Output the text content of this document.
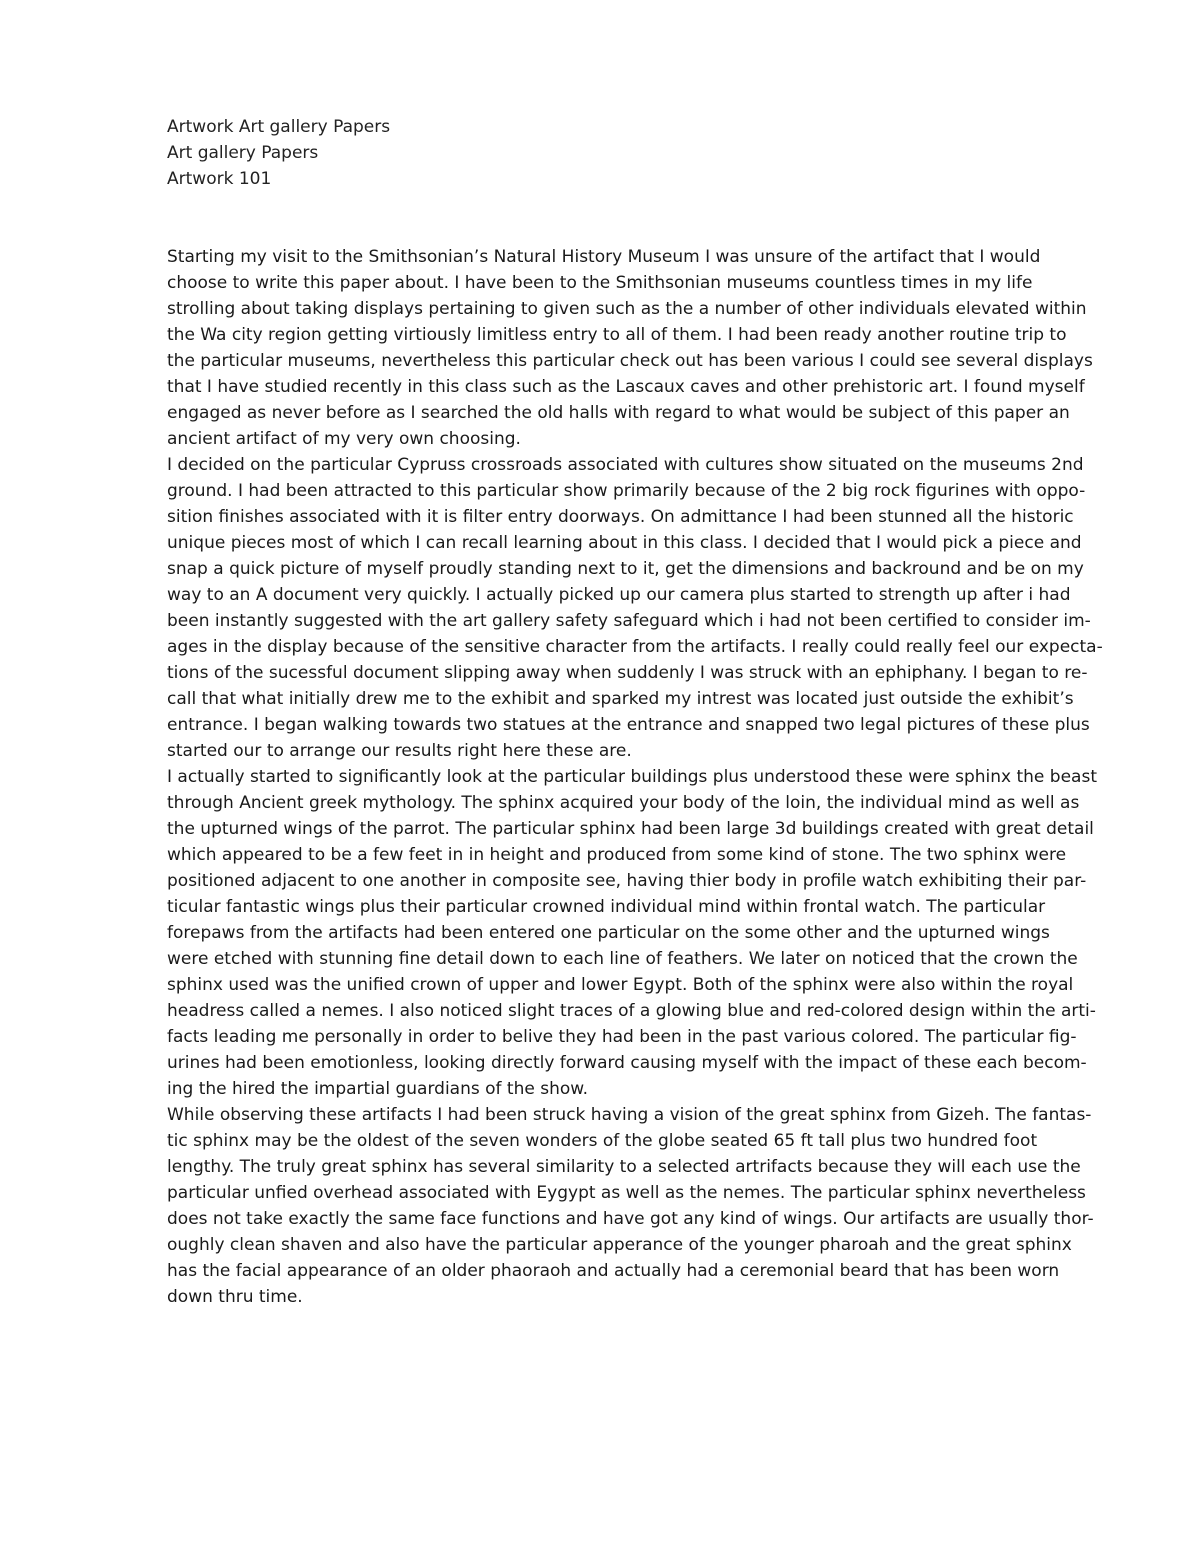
Artwork Art gallery Papers
Art gallery Papers
Artwork 101
Starting my visit to the Smithsonian’s Natural History Museum I was unsure of the artifact that I would
choose to write this paper about. I have been to the Smithsonian museums countless times in my life
strolling about taking displays pertaining to given such as the a number of other individuals elevated within
the Wa city region getting virtiously limitless entry to all of them. I had been ready another routine trip to
the particular museums, nevertheless this particular check out has been various I could see several displays
that I have studied recently in this class such as the Lascaux caves and other prehistoric art. I found myself
engaged as never before as I searched the old halls with regard to what would be subject of this paper an
ancient artifact of my very own choosing.
I decided on the particular Cypruss crossroads associated with cultures show situated on the museums 2nd
ground. I had been attracted to this particular show primarily because of the 2 big rock figurines with oppo-
sition finishes associated with it is filter entry doorways. On admittance I had been stunned all the historic
unique pieces most of which I can recall learning about in this class. I decided that I would pick a piece and
snap a quick picture of myself proudly standing next to it, get the dimensions and backround and be on my
way to an A document very quickly. I actually picked up our camera plus started to strength up after i had
been instantly suggested with the art gallery safety safeguard which i had not been certified to consider im-
ages in the display because of the sensitive character from the artifacts. I really could really feel our expecta-
tions of the sucessful document slipping away when suddenly I was struck with an ephiphany. I began to re-
call that what initially drew me to the exhibit and sparked my intrest was located just outside the exhibit’s
entrance. I began walking towards two statues at the entrance and snapped two legal pictures of these plus
started our to arrange our results right here these are.
I actually started to significantly look at the particular buildings plus understood these were sphinx the beast
through Ancient greek mythology. The sphinx acquired your body of the loin, the individual mind as well as
the upturned wings of the parrot. The particular sphinx had been large 3d buildings created with great detail
which appeared to be a few feet in in height and produced from some kind of stone. The two sphinx were
positioned adjacent to one another in composite see, having thier body in profile watch exhibiting their par-
ticular fantastic wings plus their particular crowned individual mind within frontal watch. The particular
forepaws from the artifacts had been entered one particular on the some other and the upturned wings
were etched with stunning fine detail down to each line of feathers. We later on noticed that the crown the
sphinx used was the unified crown of upper and lower Egypt. Both of the sphinx were also within the royal
headress called a nemes. I also noticed slight traces of a glowing blue and red-colored design within the arti-
facts leading me personally in order to belive they had been in the past various colored. The particular fig-
urines had been emotionless, looking directly forward causing myself with the impact of these each becom-
ing the hired the impartial guardians of the show.
While observing these artifacts I had been struck having a vision of the great sphinx from Gizeh. The fantas-
tic sphinx may be the oldest of the seven wonders of the globe seated 65 ft tall plus two hundred foot
lengthy. The truly great sphinx has several similarity to a selected artrifacts because they will each use the
particular unfied overhead associated with Eygypt as well as the nemes. The particular sphinx nevertheless
does not take exactly the same face functions and have got any kind of wings. Our artifacts are usually thor-
oughly clean shaven and also have the particular apperance of the younger pharoah and the great sphinx
has the facial appearance of an older phaoraoh and actually had a ceremonial beard that has been worn
down thru time.
